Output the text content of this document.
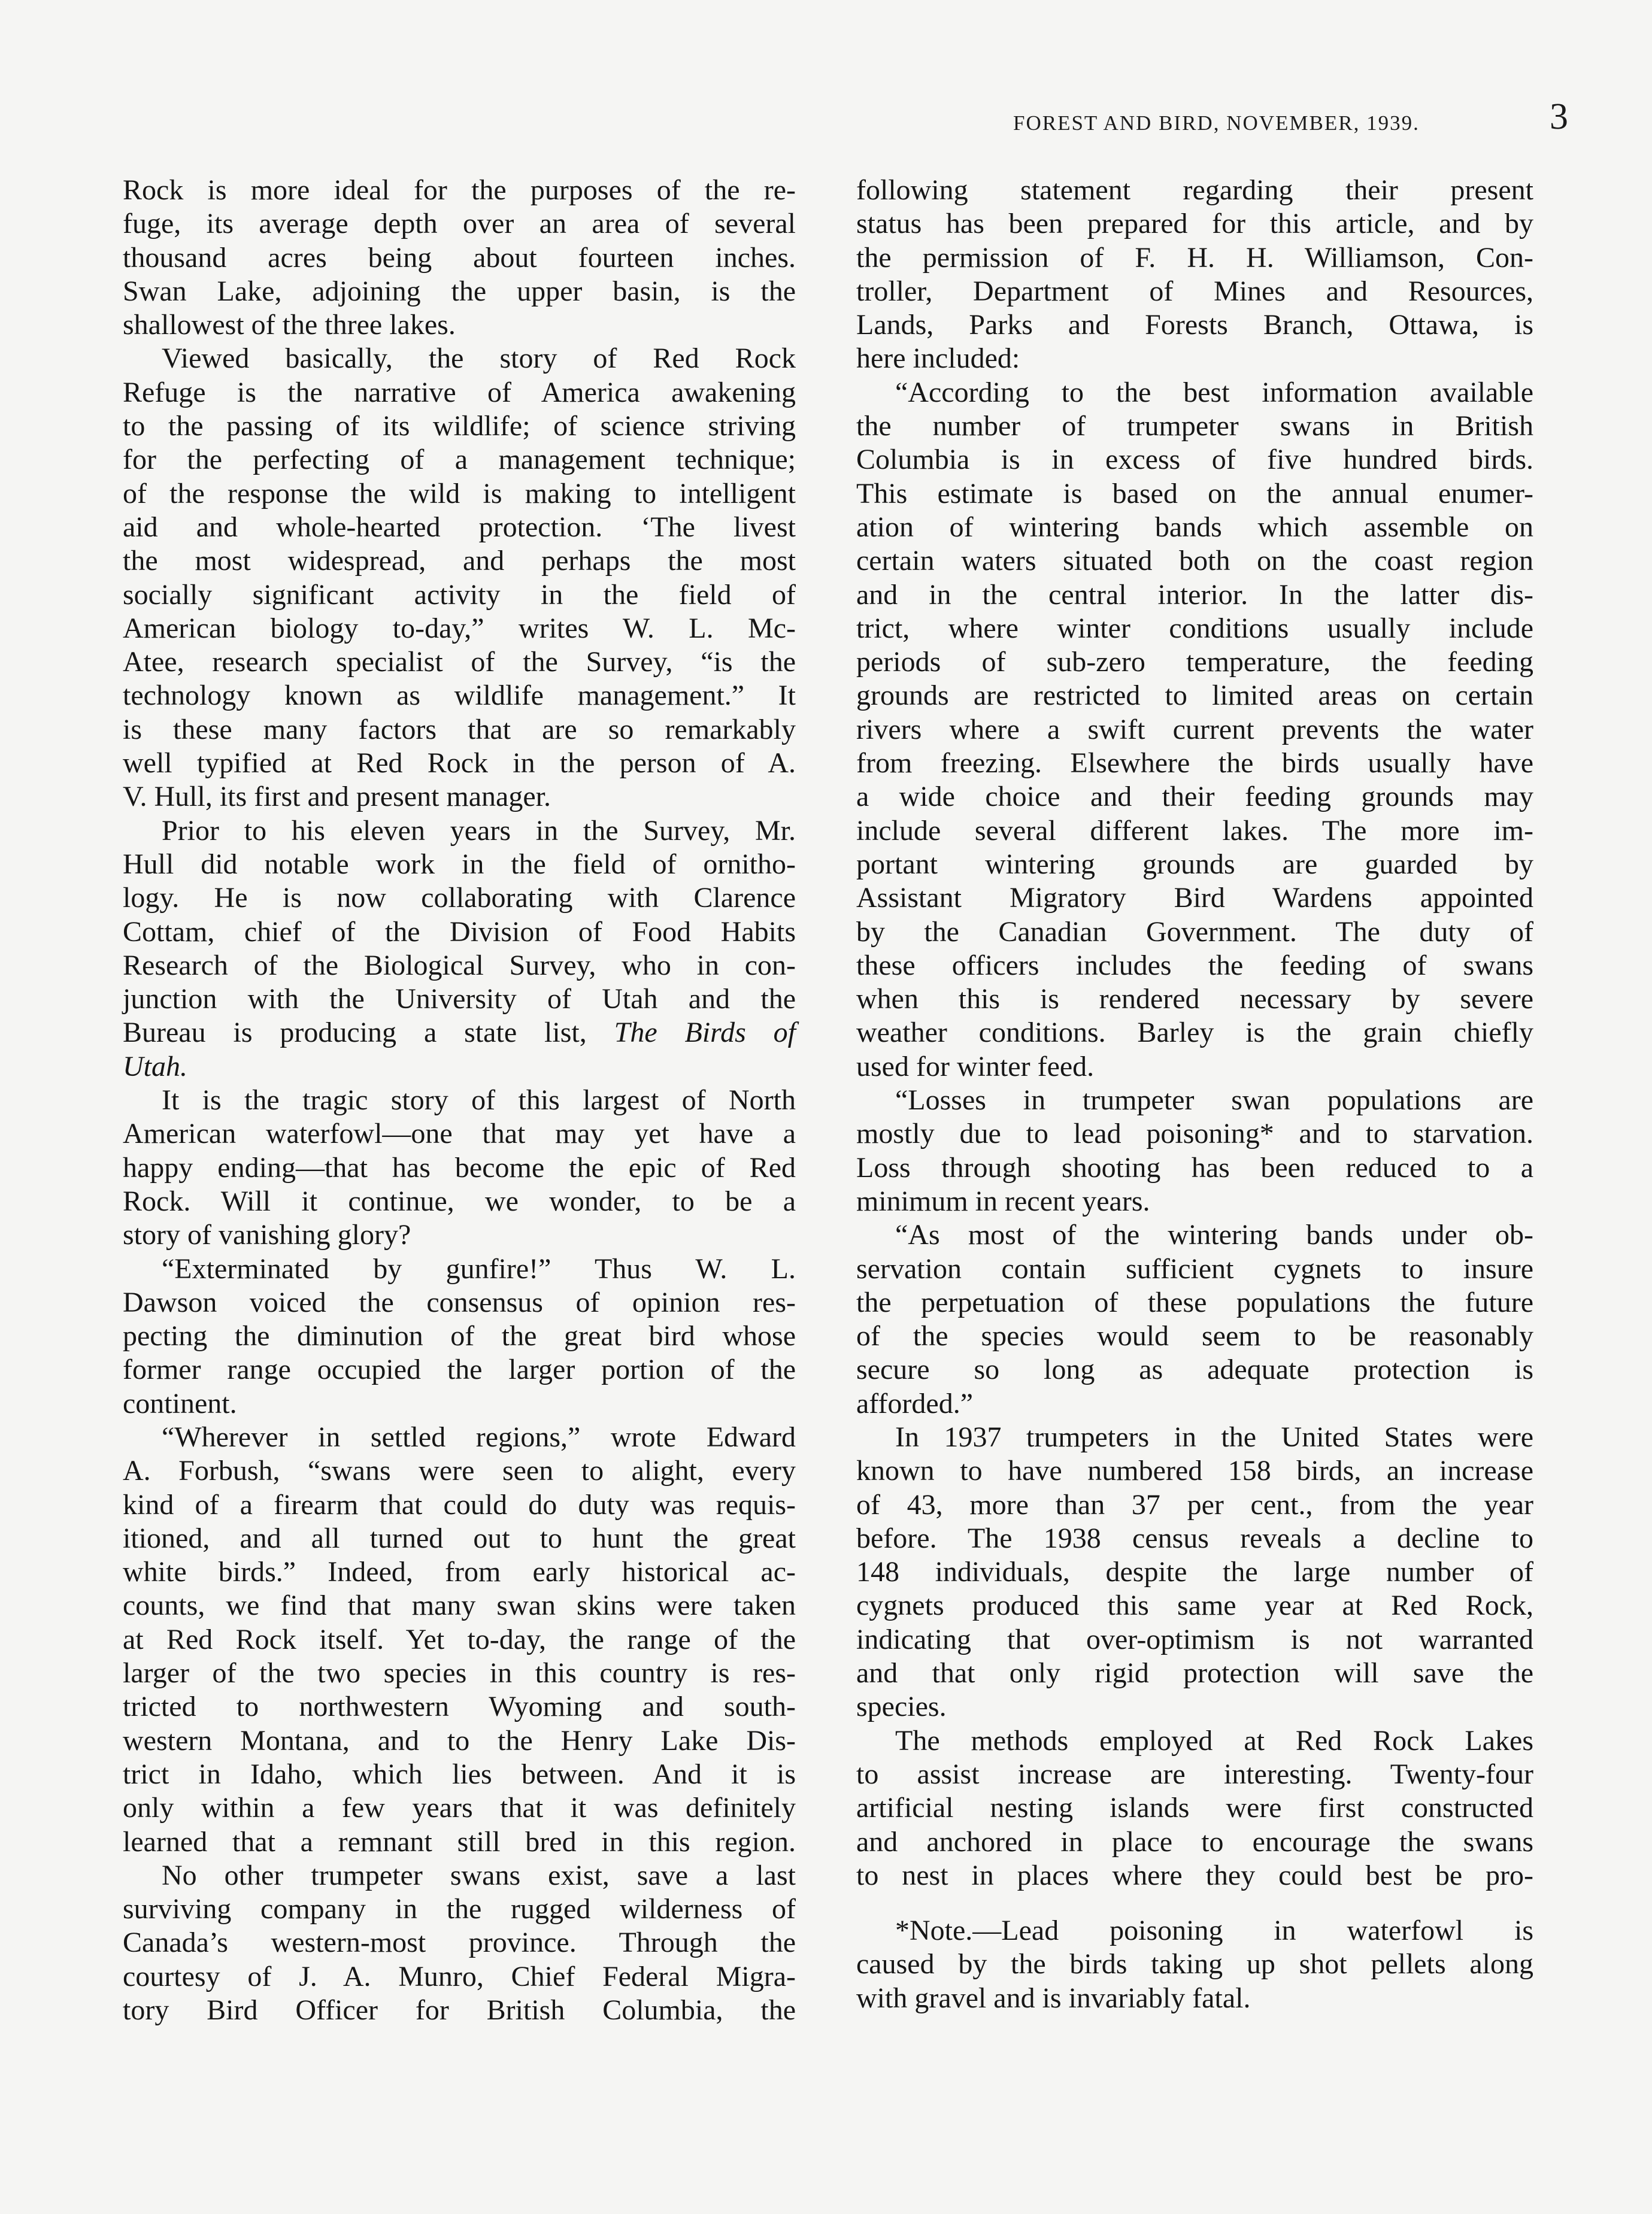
FOREST AND BIRD, NOVEMBER, 1939.	3
Rock is more ideal for the purposes of the re-
fuge, its average depth over an area of several
thousand acres being about fourteen inches.
Swan Lake, adjoining the upper basin, is the
shallowest of the three lakes.
Viewed basically, the story of Red Rock
Refuge is the narrative of America awakening
to the passing of its wildlife; of science striving
for the perfecting of a management technique;
of the response the wild is making to intelligent
aid and whole-hearted protection. ‘The livest
the most widespread, and perhaps the most
socially significant activity in the field of
American biology to-day,” writes W. L. Mc-
Atee, research specialist of the Survey, “is the
technology known as wildlife management.” It
is these many factors that are so remarkably
well typified at Red Rock in the person of A.
V. Hull, its first and present manager.
Prior to his eleven years in the Survey, Mr.
Hull did notable work in the field of ornitho-
logy. He is now collaborating with Clarence
Cottam, chief of the Division of Food Habits
Research of the Biological Survey, who in con-
junction with the University of Utah and the
Bureau is producing a state list, The Birds of
Utah.
It is the tragic story of this largest of North
American waterfowl—one that may yet have a
happy ending—that has become the epic of Red
Rock. Will it continue, we wonder, to be a
story of vanishing glory?
“Exterminated by gunfire!” Thus W. L.
Dawson voiced the consensus of opinion res-
pecting the diminution of the great bird whose
former range occupied the larger portion of the
continent.
“Wherever in settled regions,” wrote Edward
A. Forbush, “swans were seen to alight, every
kind of a firearm that could do duty was requis-
itioned, and all turned out to hunt the great
white birds.” Indeed, from early historical ac-
counts, we find that many swan skins were taken
at Red Rock itself. Yet to-day, the range of the
larger of the two species in this country is res-
tricted to northwestern Wyoming and south-
western Montana, and to the Henry Lake Dis-
trict in Idaho, which lies between. And it is
only within a few years that it was definitely
learned that a remnant still bred in this region.
No other trumpeter swans exist, save a last
surviving company in the rugged wilderness of
Canada’s western-most province. Through the
courtesy of J. A. Munro, Chief Federal Migra-
tory Bird Officer for British Columbia, the
following statement regarding their present
status has been prepared for this article, and by
the permission of F. H. H. Williamson, Con-
troller, Department of Mines and Resources,
Lands, Parks and Forests Branch, Ottawa, is
here included:
“According to the best information available
the number of trumpeter swans in British
Columbia is in excess of five hundred birds.
This estimate is based on the annual enumer-
ation of wintering bands which assemble on
certain waters situated both on the coast region
and in the central interior. In the latter dis-
trict, where winter conditions usually include
periods of sub-zero temperature, the feeding
grounds are restricted to limited areas on certain
rivers where a swift current prevents the water
from freezing. Elsewhere the birds usually have
a wide choice and their feeding grounds may
include several different lakes. The more im-
portant wintering grounds are guarded by
Assistant Migratory Bird Wardens appointed
by the Canadian Government. The duty of
these officers includes the feeding of swans
when this is rendered necessary by severe
weather conditions. Barley is the grain chiefly
used for winter feed.
“Losses in trumpeter swan populations are
mostly due to lead poisoning* and to starvation.
Loss through shooting has been reduced to a
minimum in recent years.
“As most of the wintering bands under ob-
servation contain sufficient cygnets to insure
the perpetuation of these populations the future
of the species would seem to be reasonably
secure so long as adequate protection is
afforded.”
In 1937 trumpeters in the United States were
known to have numbered 158 birds, an increase
of 43, more than 37 per cent., from the year
before. The 1938 census reveals a decline to
148 individuals, despite the large number of
cygnets produced this same year at Red Rock,
indicating that over-optimism is not warranted
and that only rigid protection will save the
species.
The methods employed at Red Rock Lakes
to assist increase are interesting. Twenty-four
artificial nesting islands were first constructed
and anchored in place to encourage the swans
to nest in places where they could best be pro-
*Note.—Lead poisoning in waterfowl is
caused by the birds taking up shot pellets along
with gravel and is invariably fatal.
